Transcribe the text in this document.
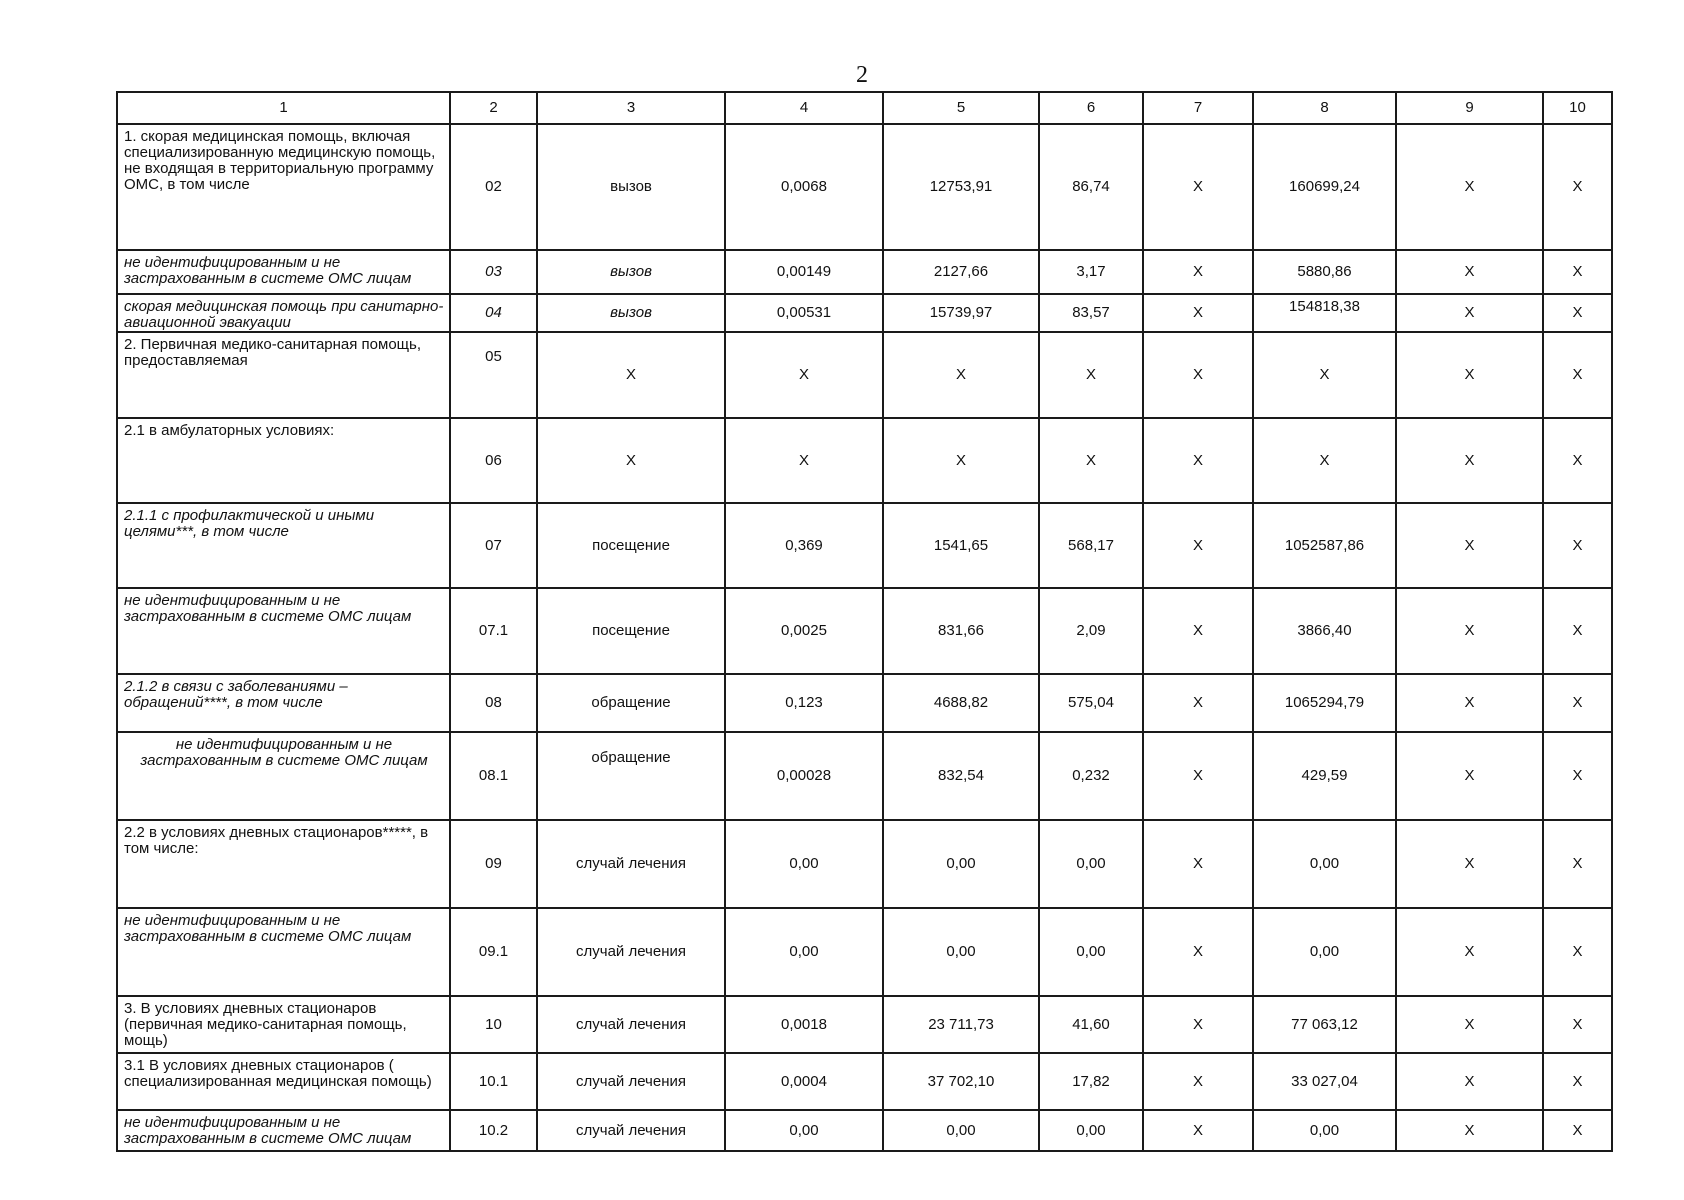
2
1	2	3	4	5	6	7	8	9	10
1. скорая медицинская помощь, включая специализированную медицинскую помощь, не входящая в территориальную программу ОМС, в том числе	02	вызов	0,0068	12753,91	86,74	Х	160699,24	Х	Х
не идентифицированным и не застрахованным в системе ОМС лицам	03	вызов	0,00149	2127,66	3,17	Х	5880,86	Х	Х
скорая медицинская помощь при санитарно-авиационной эвакуации	04	вызов	0,00531	15739,97	83,57	Х	154818,38	Х	Х
2. Первичная медико-санитарная помощь, предоставляемая	05	Х	Х	Х	Х	Х	Х	Х	Х
2.1 в амбулаторных условиях:	06	Х	Х	Х	Х	Х	Х	Х	Х
2.1.1 с профилактической и иными целями***, в том числе	07	посещение	0,369	1541,65	568,17	Х	1052587,86	Х	Х
не идентифицированным и не застрахованным в системе ОМС лицам	07.1	посещение	0,0025	831,66	2,09	Х	3866,40	Х	Х
2.1.2 в связи с заболеваниями – обращений****, в том числе	08	обращение	0,123	4688,82	575,04	Х	1065294,79	Х	Х
не идентифицированным и не застрахованным в системе ОМС лицам	08.1	обращение	0,00028	832,54	0,232	Х	429,59	Х	Х
2.2 в условиях дневных стационаров*****, в том числе:	09	случай лечения	0,00	0,00	0,00	Х	0,00	Х	Х
не идентифицированным и не застрахованным в системе ОМС лицам	09.1	случай лечения	0,00	0,00	0,00	Х	0,00	Х	Х
3. В условиях дневных стационаров (первичная медико-санитарная помощь, мощь)	10	случай лечения	0,0018	23 711,73	41,60	Х	77 063,12	Х	Х
3.1 В условиях дневных стационаров ( специализированная медицинская помощь)	10.1	случай лечения	0,0004	37 702,10	17,82	Х	33 027,04	Х	Х
не идентифицированным и не застрахованным в системе ОМС лицам	10.2	случай лечения	0,00	0,00	0,00	Х	0,00	Х	Х
